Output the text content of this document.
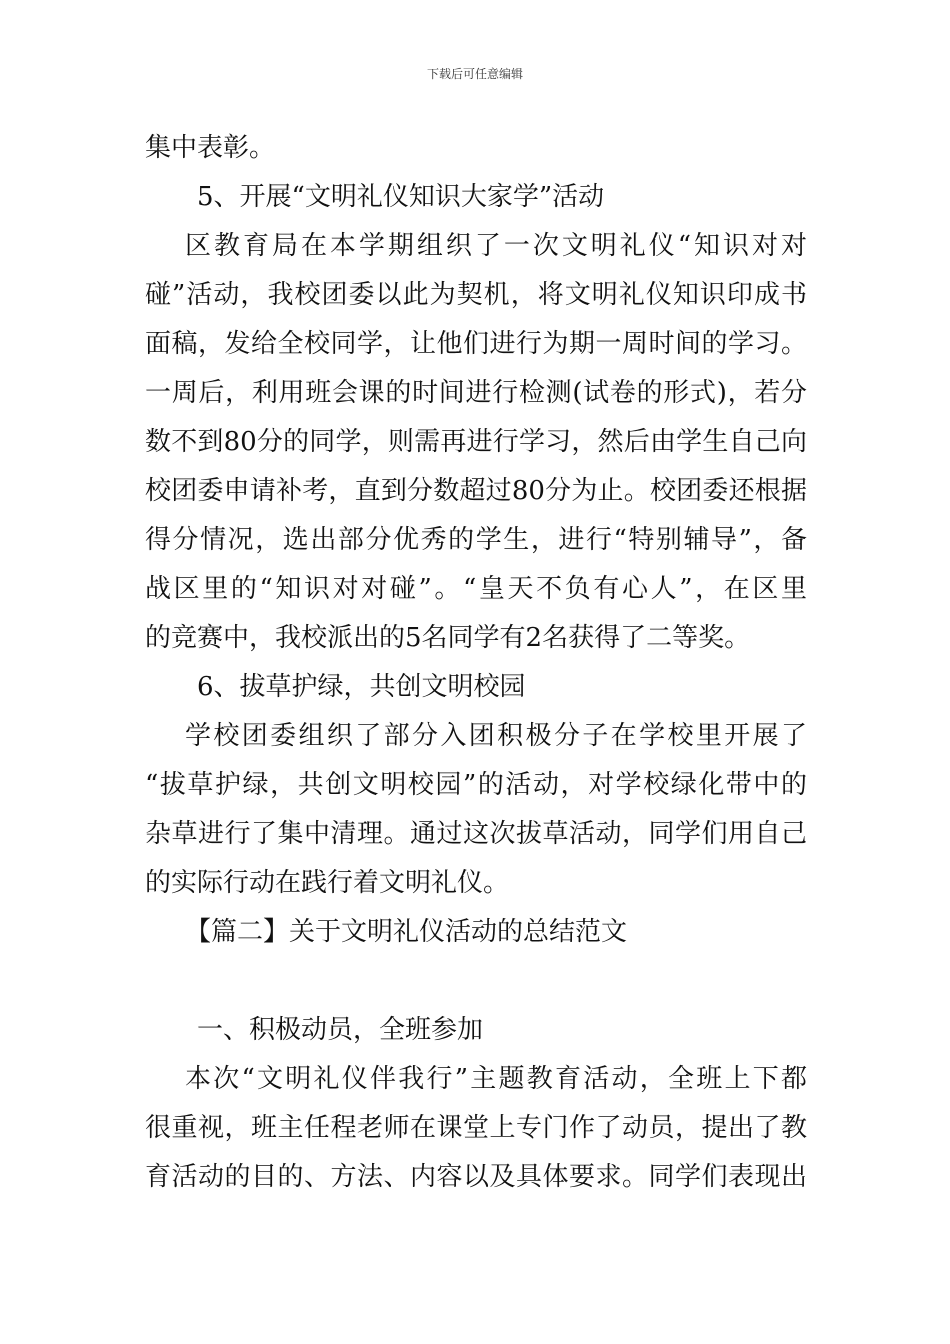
下载后可任意编辑
集中表彰。
5、开展“文明礼仪知识大家学”活动
区教育局在本学期组织了一次文明礼仪“知识对对
碰”活动，我校团委以此为契机，将文明礼仪知识印成书
面稿，发给全校同学，让他们进行为期一周时间的学习。
一周后，利用班会课的时间进行检测(试卷的形式)，若分
数不到80分的同学，则需再进行学习，然后由学生自己向
校团委申请补考，直到分数超过80分为止。校团委还根据
得分情况，选出部分优秀的学生，进行“特别辅导”，备
战区里的“知识对对碰”。“皇天不负有心人”，在区里
的竞赛中，我校派出的5名同学有2名获得了二等奖。
6、拔草护绿，共创文明校园
学校团委组织了部分入团积极分子在学校里开展了
“拔草护绿，共创文明校园”的活动，对学校绿化带中的
杂草进行了集中清理。通过这次拔草活动，同学们用自己
的实际行动在践行着文明礼仪。
【篇二】关于文明礼仪活动的总结范文
一、积极动员，全班参加
本次“文明礼仪伴我行”主题教育活动，全班上下都
很重视，班主任程老师在课堂上专门作了动员，提出了教
育活动的目的、方法、内容以及具体要求。同学们表现出
